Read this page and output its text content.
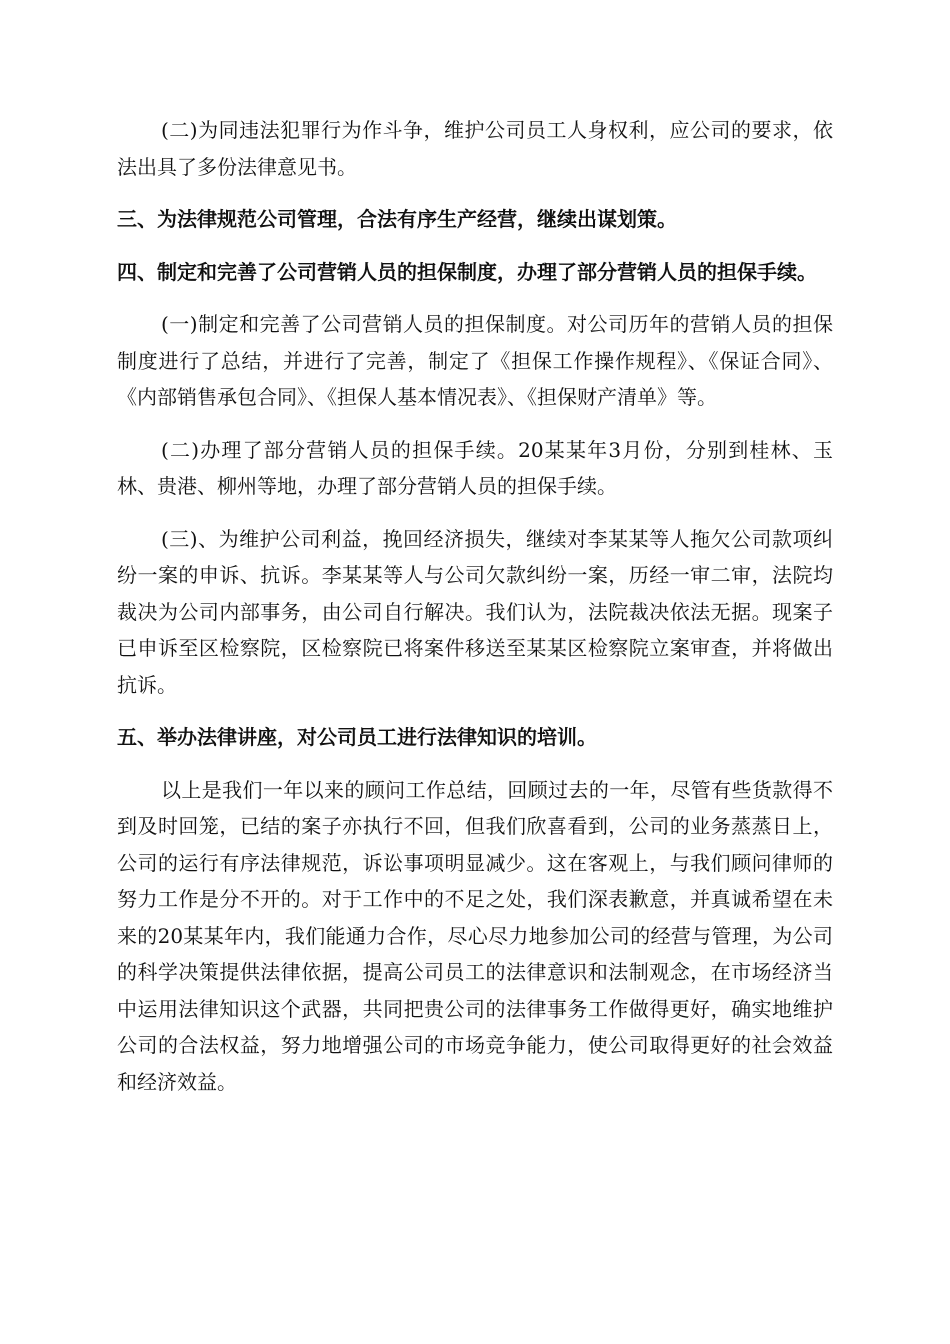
(二)为同违法犯罪行为作斗争，维护公司员工人身权利，应公司的要求，依法出具了多份法律意见书。

三、为法律规范公司管理，合法有序生产经营，继续出谋划策。

四、制定和完善了公司营销人员的担保制度，办理了部分营销人员的担保手续。

(一)制定和完善了公司营销人员的担保制度。对公司历年的营销人员的担保制度进行了总结，并进行了完善，制定了《担保工作操作规程》、《保证合同》、《内部销售承包合同》、《担保人基本情况表》、《担保财产清单》等。

(二)办理了部分营销人员的担保手续。20某某年3月份，分别到桂林、玉林、贵港、柳州等地，办理了部分营销人员的担保手续。

(三)、为维护公司利益，挽回经济损失，继续对李某某等人拖欠公司款项纠纷一案的申诉、抗诉。李某某等人与公司欠款纠纷一案，历经一审二审，法院均裁决为公司内部事务，由公司自行解决。我们认为，法院裁决依法无据。现案子已申诉至区检察院，区检察院已将案件移送至某某区检察院立案审查，并将做出抗诉。

五、举办法律讲座，对公司员工进行法律知识的培训。

以上是我们一年以来的顾问工作总结，回顾过去的一年，尽管有些货款得不到及时回笼，已结的案子亦执行不回，但我们欣喜看到，公司的业务蒸蒸日上，公司的运行有序法律规范，诉讼事项明显减少。这在客观上，与我们顾问律师的努力工作是分不开的。对于工作中的不足之处，我们深表歉意，并真诚希望在未来的20某某年内，我们能通力合作，尽心尽力地参加公司的经营与管理，为公司的科学决策提供法律依据，提高公司员工的法律意识和法制观念，在市场经济当中运用法律知识这个武器，共同把贵公司的法律事务工作做得更好，确实地维护公司的合法权益，努力地增强公司的市场竞争能力，使公司取得更好的社会效益和经济效益。
